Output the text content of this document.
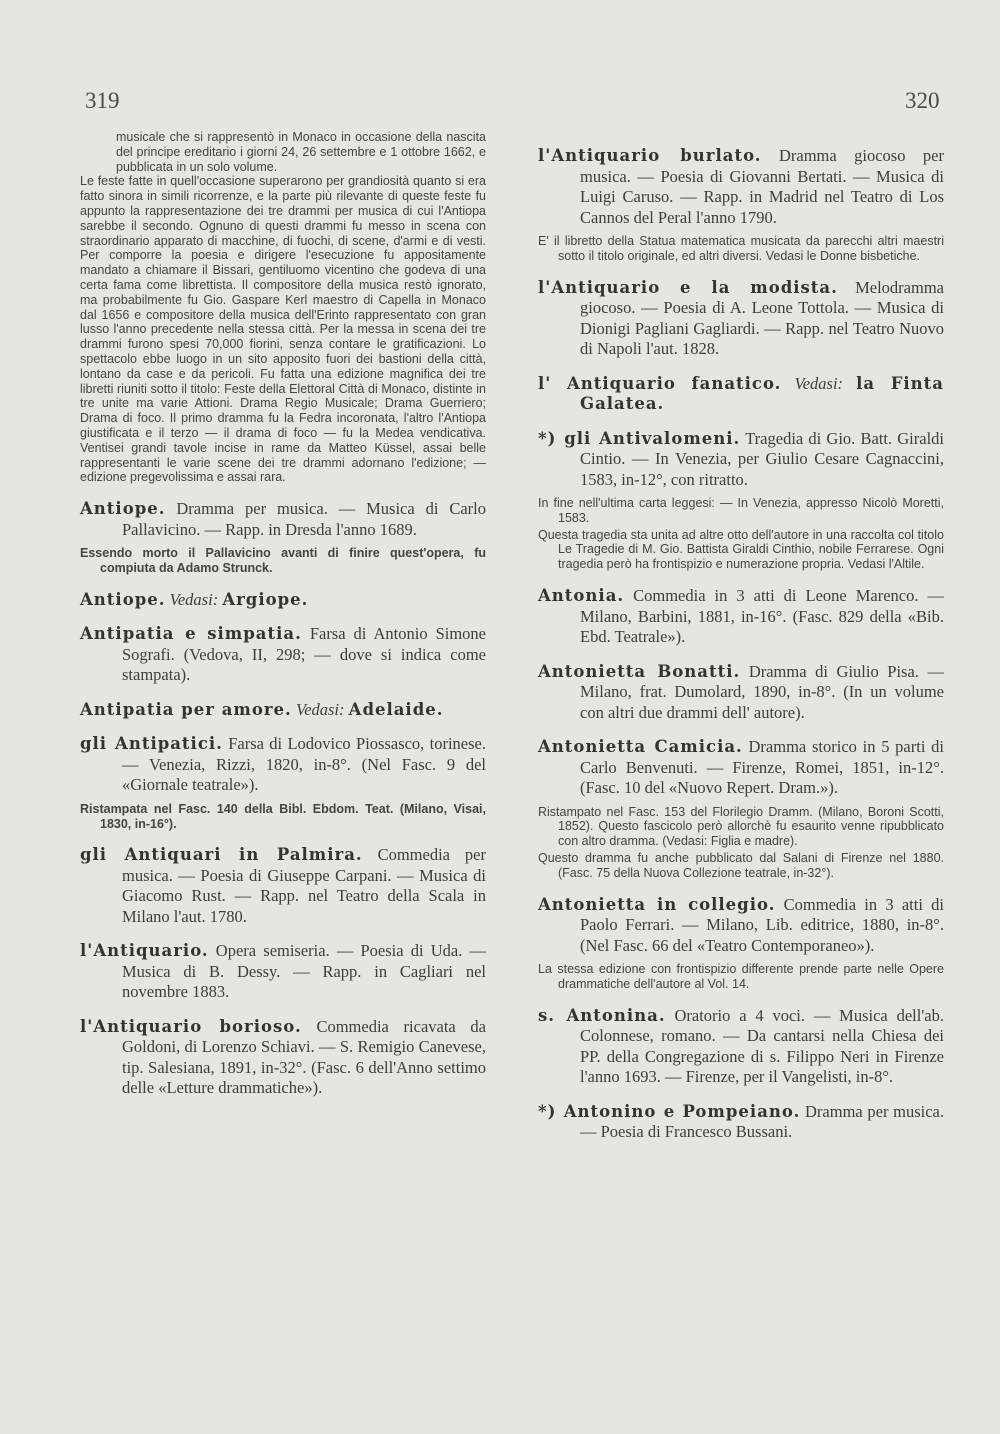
319	320

musicale che si rappresentò in Monaco in occasione della nascita del principe ereditario i giorni 24, 26 settembre e 1 ottobre 1662, e pubblicata in un solo volume.

Le feste fatte in quell'occasione superarono per grandiosità quanto si era fatto sinora in simili ricorrenze, e la parte più rilevante di queste feste fu appunto la rappresentazione dei tre drammi per musica di cui l'Antiopa sarebbe il secondo. Ognuno di questi drammi fu messo in scena con straordinario apparato di macchine, di fuochi, di scene, d'armi e di vesti. Per comporre la poesia e dirigere l'esecuzione fu appositamente mandato a chiamare il Bissari, gentiluomo vicentino che godeva di una certa fama come librettista. Il compositore della musica restò ignorato, ma probabilmente fu Gio. Gaspare Kerl maestro di Capella in Monaco dal 1656 e compositore della musica dell'Erinto rappresentato con gran lusso l'anno precedente nella stessa città. Per la messa in scena dei tre drammi furono spesi 70,000 fiorini, senza contare le gratificazioni. Lo spettacolo ebbe luogo in un sito apposito fuori dei bastioni della città, lontano da case e da pericoli. Fu fatta una edizione magnifica dei tre libretti riuniti sotto il titolo: Feste della Elettoral Città di Monaco, distinte in tre unite ma varie Attioni. Drama Regio Musicale; Drama Guerriero; Drama di foco. Il primo dramma fu la Fedra incoronata, l'altro l'Antiopa giustificata e il terzo — il drama di foco — fu la Medea vendicativa. Ventisei grandi tavole incise in rame da Matteo Küssel, assai belle rappresentanti le varie scene dei tre drammi adornano l'edizione; — edizione pregevolissima e assai rara.

Antiope. Dramma per musica. — Musica di Carlo Pallavicino. — Rapp. in Dresda l'anno 1689.

Essendo morto il Pallavicino avanti di finire quest'opera, fu compiuta da Adamo Strunck.

Antiope. Vedasi: Argiope.

Antipatia e simpatia. Farsa di Antonio Simone Sografi. (Vedova, II, 298; — dove si indica come stampata).

Antipatia per amore. Vedasi: Adelaide.

gli Antipatici. Farsa di Lodovico Piossasco, torinese. — Venezia, Rizzi, 1820, in-8°. (Nel Fasc. 9 del «Giornale teatrale»).

Ristampata nel Fasc. 140 della Bibl. Ebdom. Teat. (Milano, Visai, 1830, in-16°).

gli Antiquari in Palmira. Commedia per musica. — Poesia di Giuseppe Carpani. — Musica di Giacomo Rust. — Rapp. nel Teatro della Scala in Milano l'aut. 1780.

l'Antiquario. Opera semiseria. — Poesia di Uda. — Musica di B. Dessy. — Rapp. in Cagliari nel novembre 1883.

l'Antiquario borioso. Commedia ricavata da Goldoni, di Lorenzo Schiavi. — S. Remigio Canevese, tip. Salesiana, 1891, in-32°. (Fasc. 6 dell'Anno settimo delle «Letture drammatiche»).

l'Antiquario burlato. Dramma giocoso per musica. — Poesia di Giovanni Bertati. — Musica di Luigi Caruso. — Rapp. in Madrid nel Teatro di Los Cannos del Peral l'anno 1790.

E' il libretto della Statua matematica musicata da parecchi altri maestri sotto il titolo originale, ed altri diversi. Vedasi le Donne bisbetiche.

l'Antiquario e la modista. Melodramma giocoso. — Poesia di A. Leone Tottola. — Musica di Dionigi Pagliani Gagliardi. — Rapp. nel Teatro Nuovo di Napoli l'aut. 1828.

l' Antiquario fanatico. Vedasi: la Finta Galatea.

*) gli Antivalomeni. Tragedia di Gio. Batt. Giraldi Cintio. — In Venezia, per Giulio Cesare Cagnaccini, 1583, in-12°, con ritratto.

In fine nell'ultima carta leggesi: — In Venezia, appresso Nicolò Moretti, 1583.

Questa tragedia sta unita ad altre otto dell'autore in una raccolta col titolo Le Tragedie di M. Gio. Battista Giraldi Cinthio, nobile Ferrarese. Ogni tragedia però ha frontispizio e numerazione propria. Vedasi l'Altile.

Antonia. Commedia in 3 atti di Leone Marenco. — Milano, Barbini, 1881, in-16°. (Fasc. 829 della «Bib. Ebd. Teatrale»).

Antonietta Bonatti. Dramma di Giulio Pisa. — Milano, frat. Dumolard, 1890, in-8°. (In un volume con altri due drammi dell' autore).

Antonietta Camicia. Dramma storico in 5 parti di Carlo Benvenuti. — Firenze, Romei, 1851, in-12°. (Fasc. 10 del «Nuovo Repert. Dram.»).

Ristampato nel Fasc. 153 del Florilegio Dramm. (Milano, Boroni Scotti, 1852). Questo fascicolo però allorchè fu esaurito venne ripubblicato con altro dramma. (Vedasi: Figlia e madre).

Questo dramma fu anche pubblicato dal Salani di Firenze nel 1880. (Fasc. 75 della Nuova Collezione teatrale, in-32°).

Antonietta in collegio. Commedia in 3 atti di Paolo Ferrari. — Milano, Lib. editrice, 1880, in-8°. (Nel Fasc. 66 del «Teatro Contemporaneo»).

La stessa edizione con frontispizio differente prende parte nelle Opere drammatiche dell'autore al Vol. 14.

s. Antonina. Oratorio a 4 voci. — Musica dell'ab. Colonnese, romano. — Da cantarsi nella Chiesa dei PP. della Congregazione di s. Filippo Neri in Firenze l'anno 1693. — Firenze, per il Vangelisti, in-8°.

*) Antonino e Pompeiano. Dramma per musica. — Poesia di Francesco Bussani.
